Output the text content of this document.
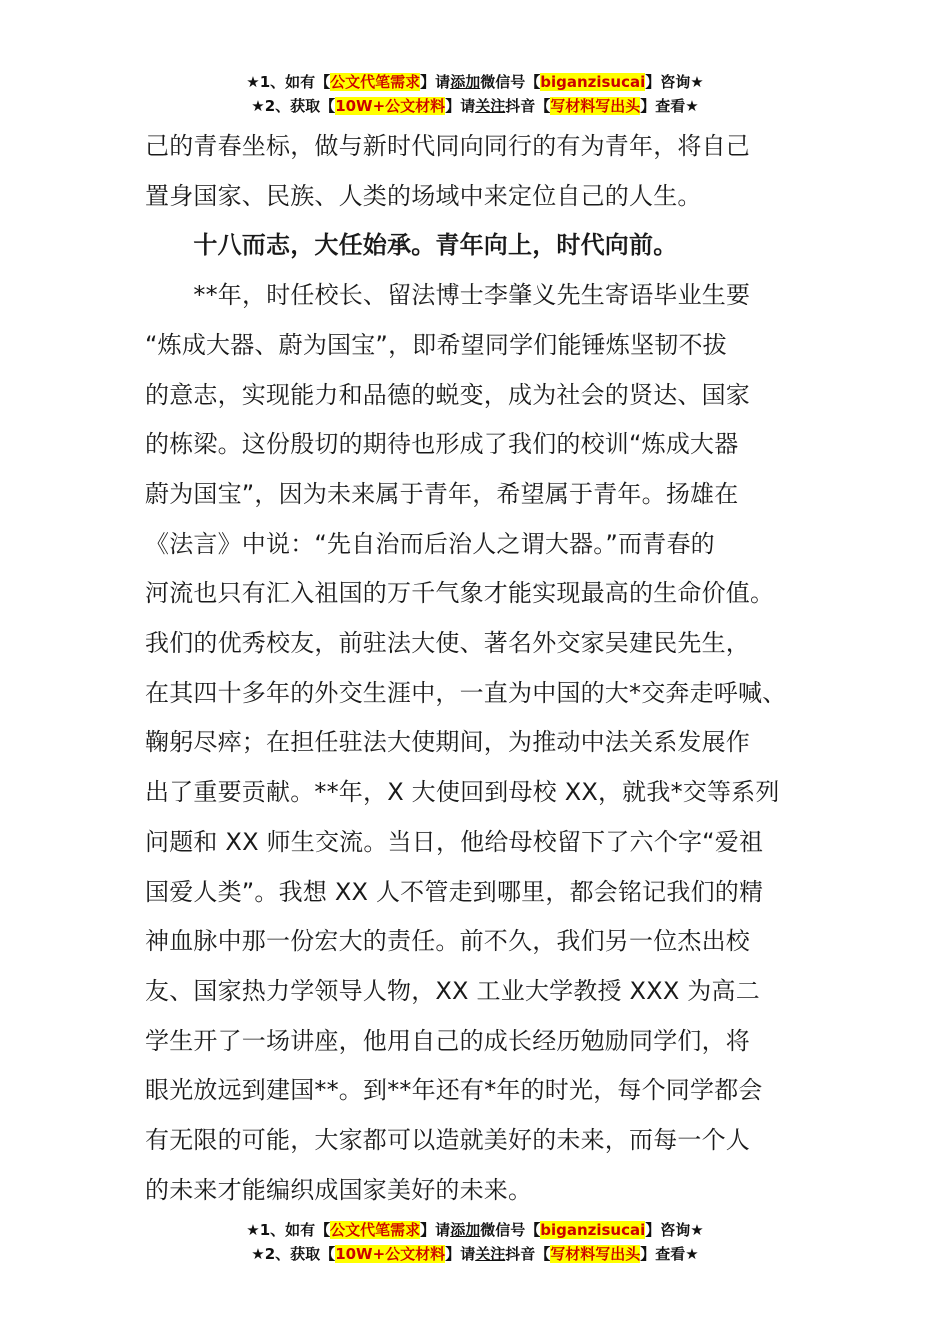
★1、如有【公文代笔需求】请添加微信号【biganzisucai】咨询★
★2、获取【10W+公文材料】请关注抖音【写材料写出头】查看★

己的青春坐标，做与新时代同向同行的有为青年，将自己
置身国家、民族、人类的场域中来定位自己的人生。

　　十八而志，大任始承。青年向上，时代向前。

　　**年，时任校长、留法博士李肇义先生寄语毕业生要
“炼成大器、蔚为国宝”，即希望同学们能锤炼坚韧不拔
的意志，实现能力和品德的蜕变，成为社会的贤达、国家
的栋梁。这份殷切的期待也形成了我们的校训“炼成大器
蔚为国宝”，因为未来属于青年，希望属于青年。扬雄在
《法言》中说：“先自治而后治人之谓大器。”而青春的
河流也只有汇入祖国的万千气象才能实现最高的生命价值。
我们的优秀校友，前驻法大使、著名外交家吴建民先生，
在其四十多年的外交生涯中，一直为中国的大*交奔走呼喊、
鞠躬尽瘁；在担任驻法大使期间，为推动中法关系发展作
出了重要贡献。**年，X 大使回到母校 XX，就我*交等系列
问题和 XX 师生交流。当日，他给母校留下了六个字“爱祖
国爱人类”。我想 XX 人不管走到哪里，都会铭记我们的精
神血脉中那一份宏大的责任。前不久，我们另一位杰出校
友、国家热力学领导人物，XX 工业大学教授 XXX 为高二
学生开了一场讲座，他用自己的成长经历勉励同学们，将
眼光放远到建国**。到**年还有*年的时光，每个同学都会
有无限的可能，大家都可以造就美好的未来，而每一个人
的未来才能编织成国家美好的未来。

★1、如有【公文代笔需求】请添加微信号【biganzisucai】咨询★
★2、获取【10W+公文材料】请关注抖音【写材料写出头】查看★
